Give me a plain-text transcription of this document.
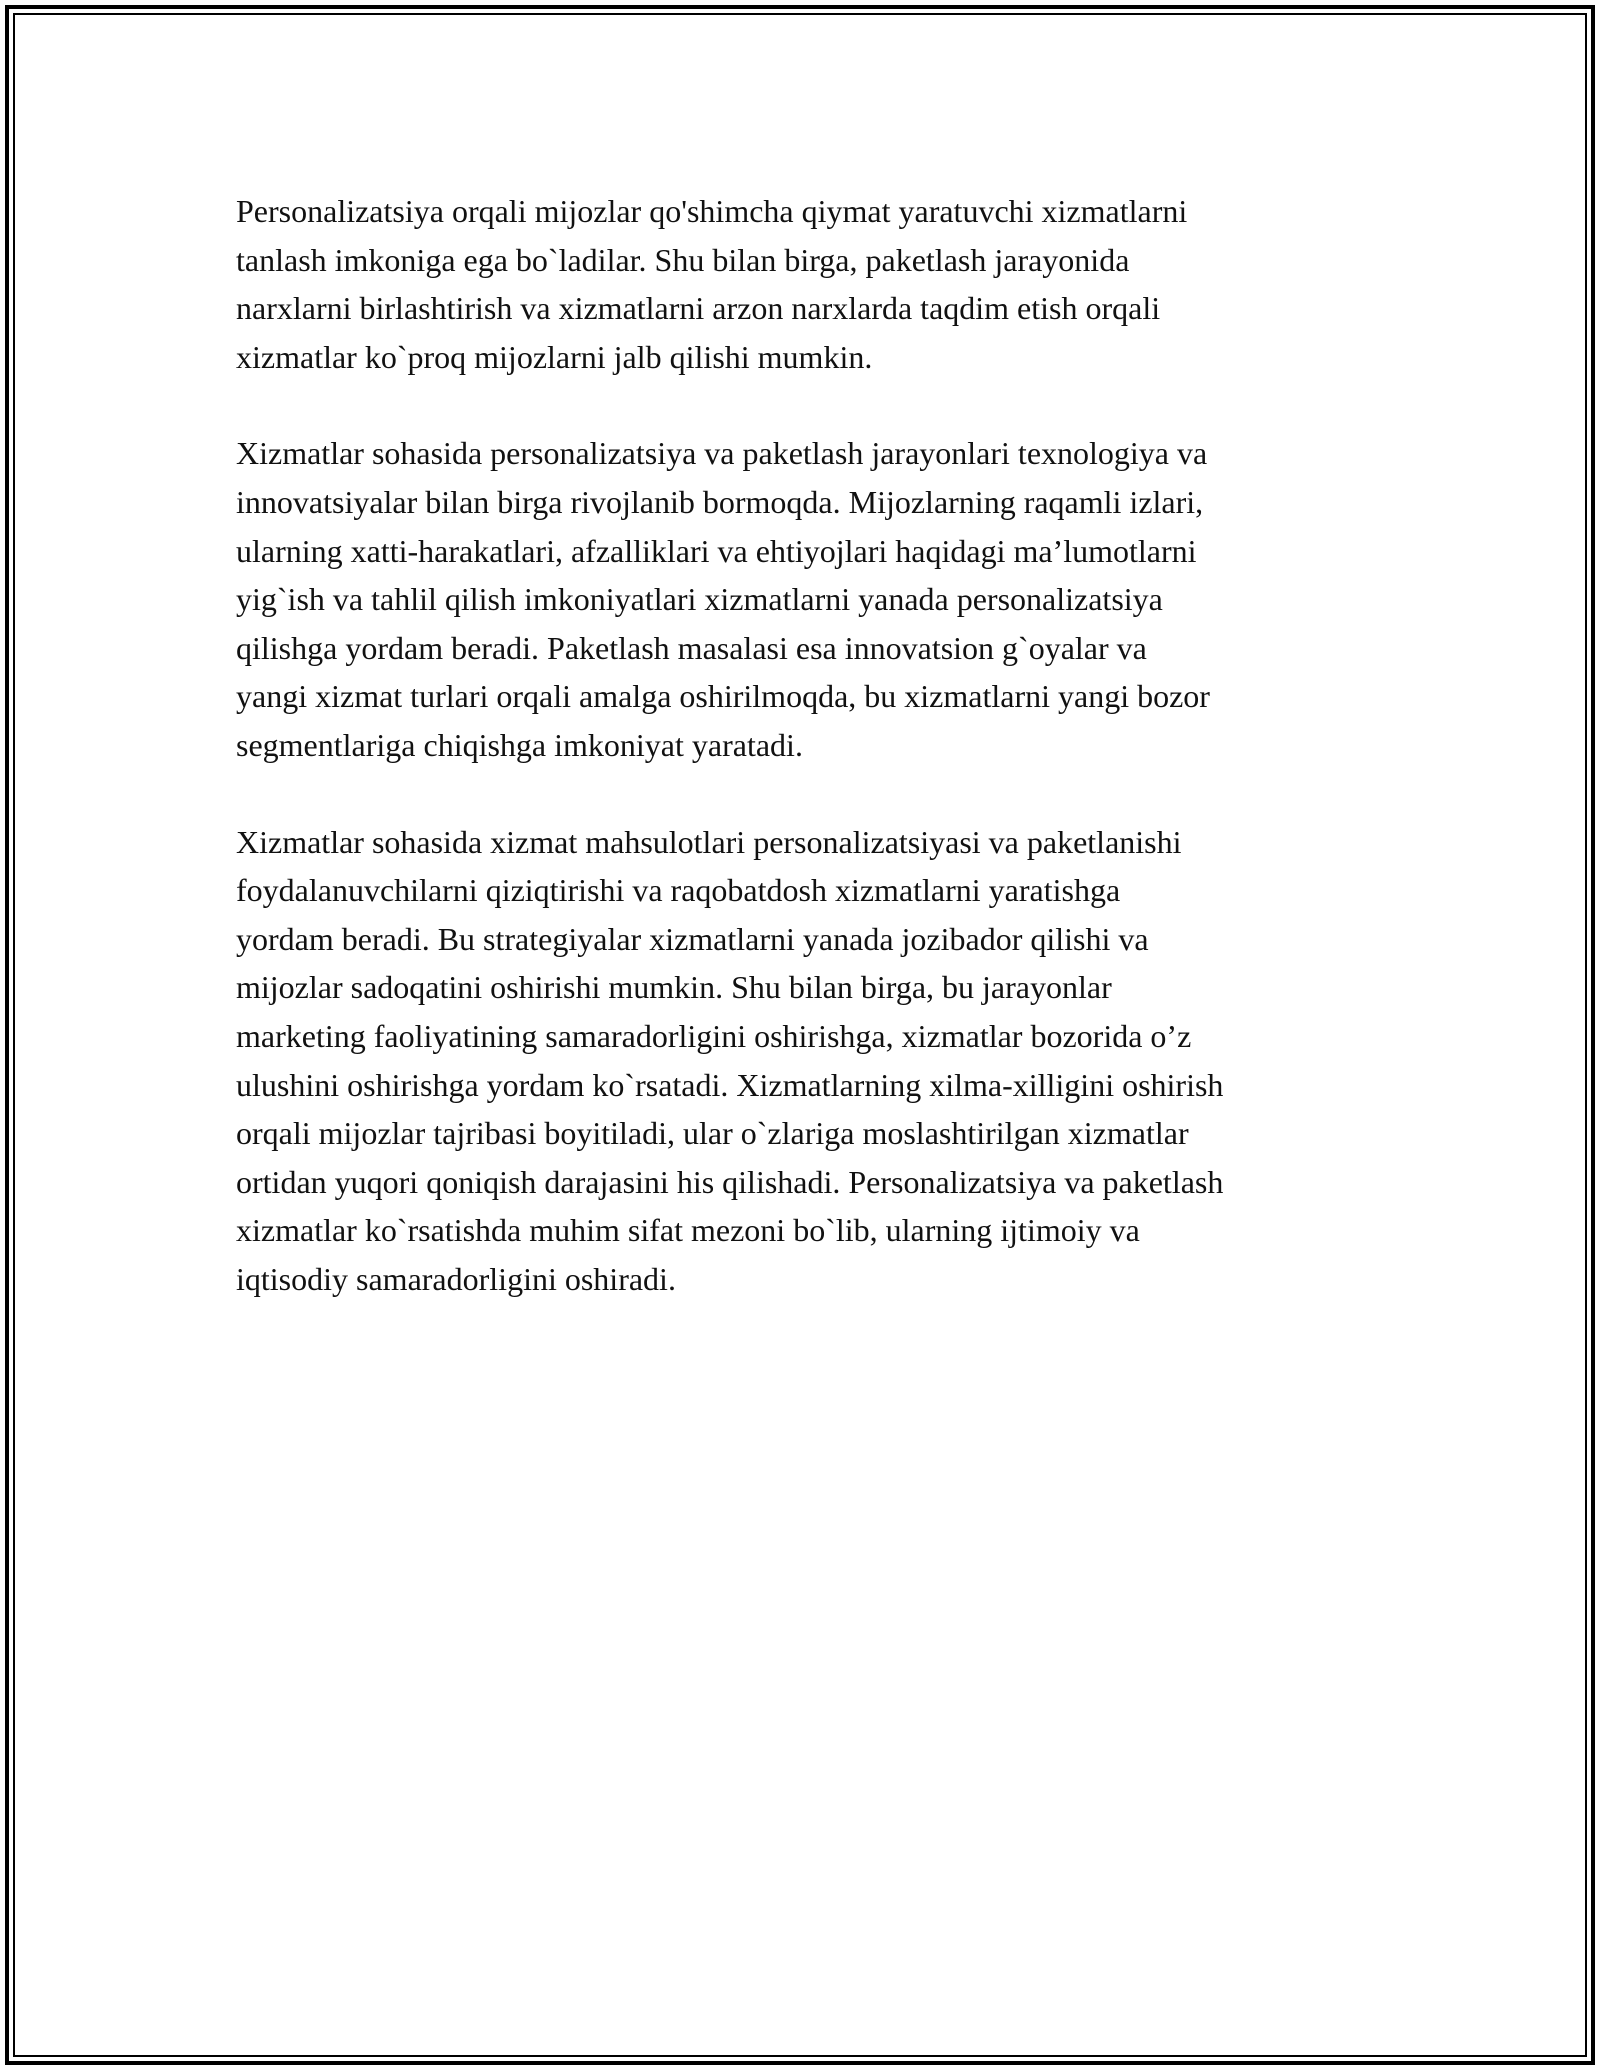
Personalizatsiya orqali mijozlar qo'shimcha qiymat yaratuvchi xizmatlarni
tanlash imkoniga ega bo`ladilar. Shu bilan birga, paketlash jarayonida
narxlarni birlashtirish va xizmatlarni arzon narxlarda taqdim etish orqali
xizmatlar ko`proq mijozlarni jalb qilishi mumkin.
Xizmatlar sohasida personalizatsiya va paketlash jarayonlari texnologiya va
innovatsiyalar bilan birga rivojlanib bormoqda. Mijozlarning raqamli izlari,
ularning xatti-harakatlari, afzalliklari va ehtiyojlari haqidagi ma’lumotlarni
yig`ish va tahlil qilish imkoniyatlari xizmatlarni yanada personalizatsiya
qilishga yordam beradi. Paketlash masalasi esa innovatsion g`oyalar va
yangi xizmat turlari orqali amalga oshirilmoqda, bu xizmatlarni yangi bozor
segmentlariga chiqishga imkoniyat yaratadi.
Xizmatlar sohasida xizmat mahsulotlari personalizatsiyasi va paketlanishi
foydalanuvchilarni qiziqtirishi va raqobatdosh xizmatlarni yaratishga
yordam beradi. Bu strategiyalar xizmatlarni yanada jozibador qilishi va
mijozlar sadoqatini oshirishi mumkin. Shu bilan birga, bu jarayonlar
marketing faoliyatining samaradorligini oshirishga, xizmatlar bozorida o’z
ulushini oshirishga yordam ko`rsatadi. Xizmatlarning xilma-xilligini oshirish
orqali mijozlar tajribasi boyitiladi, ular o`zlariga moslashtirilgan xizmatlar
ortidan yuqori qoniqish darajasini his qilishadi. Personalizatsiya va paketlash
xizmatlar ko`rsatishda muhim sifat mezoni bo`lib, ularning ijtimoiy va
iqtisodiy samaradorligini oshiradi.
